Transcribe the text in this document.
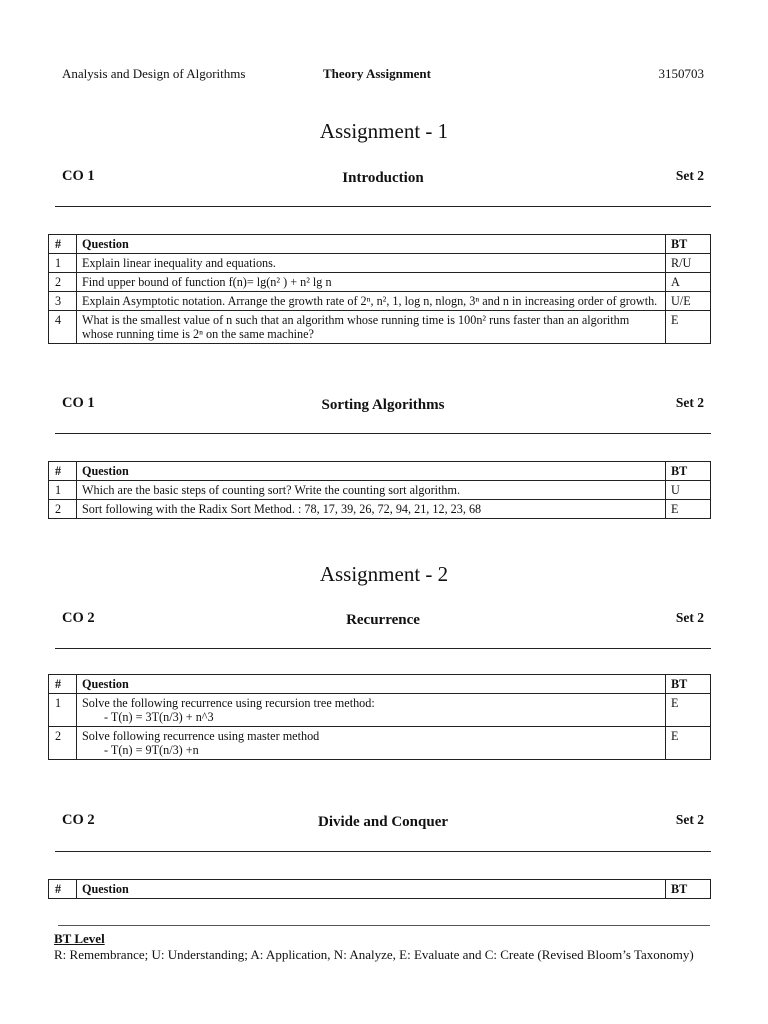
Analysis and Design of Algorithms	Theory Assignment	3150703
Assignment - 1
CO 1	Introduction	Set 2
#	Question	BT
1	Explain linear inequality and equations.	R/U
2	Find upper bound of function f(n)= lg(n² ) + n² lg n	A
3	Explain Asymptotic notation. Arrange the growth rate of 2ⁿ, n², 1, log n, nlogn, 3ⁿ and n in increasing order of growth.	U/E
4	What is the smallest value of n such that an algorithm whose running time is 100n² runs faster than an algorithm whose running time is 2ⁿ on the same machine?	E
CO 1	Sorting Algorithms	Set 2
#	Question	BT
1	Which are the basic steps of counting sort? Write the counting sort algorithm.	U
2	Sort following with the Radix Sort Method. : 78, 17, 39, 26, 72, 94, 21, 12, 23, 68	E
Assignment - 2
CO 2	Recurrence	Set 2
#	Question	BT
1	Solve the following recurrence using recursion tree method:
- T(n) = 3T(n/3) + n^3	E
2	Solve following recurrence using master method
- T(n) = 9T(n/3) +n	E
CO 2	Divide and Conquer	Set 2
#	Question	BT
BT Level
R: Remembrance; U: Understanding; A: Application, N: Analyze, E: Evaluate and C: Create (Revised Bloom’s Taxonomy)
